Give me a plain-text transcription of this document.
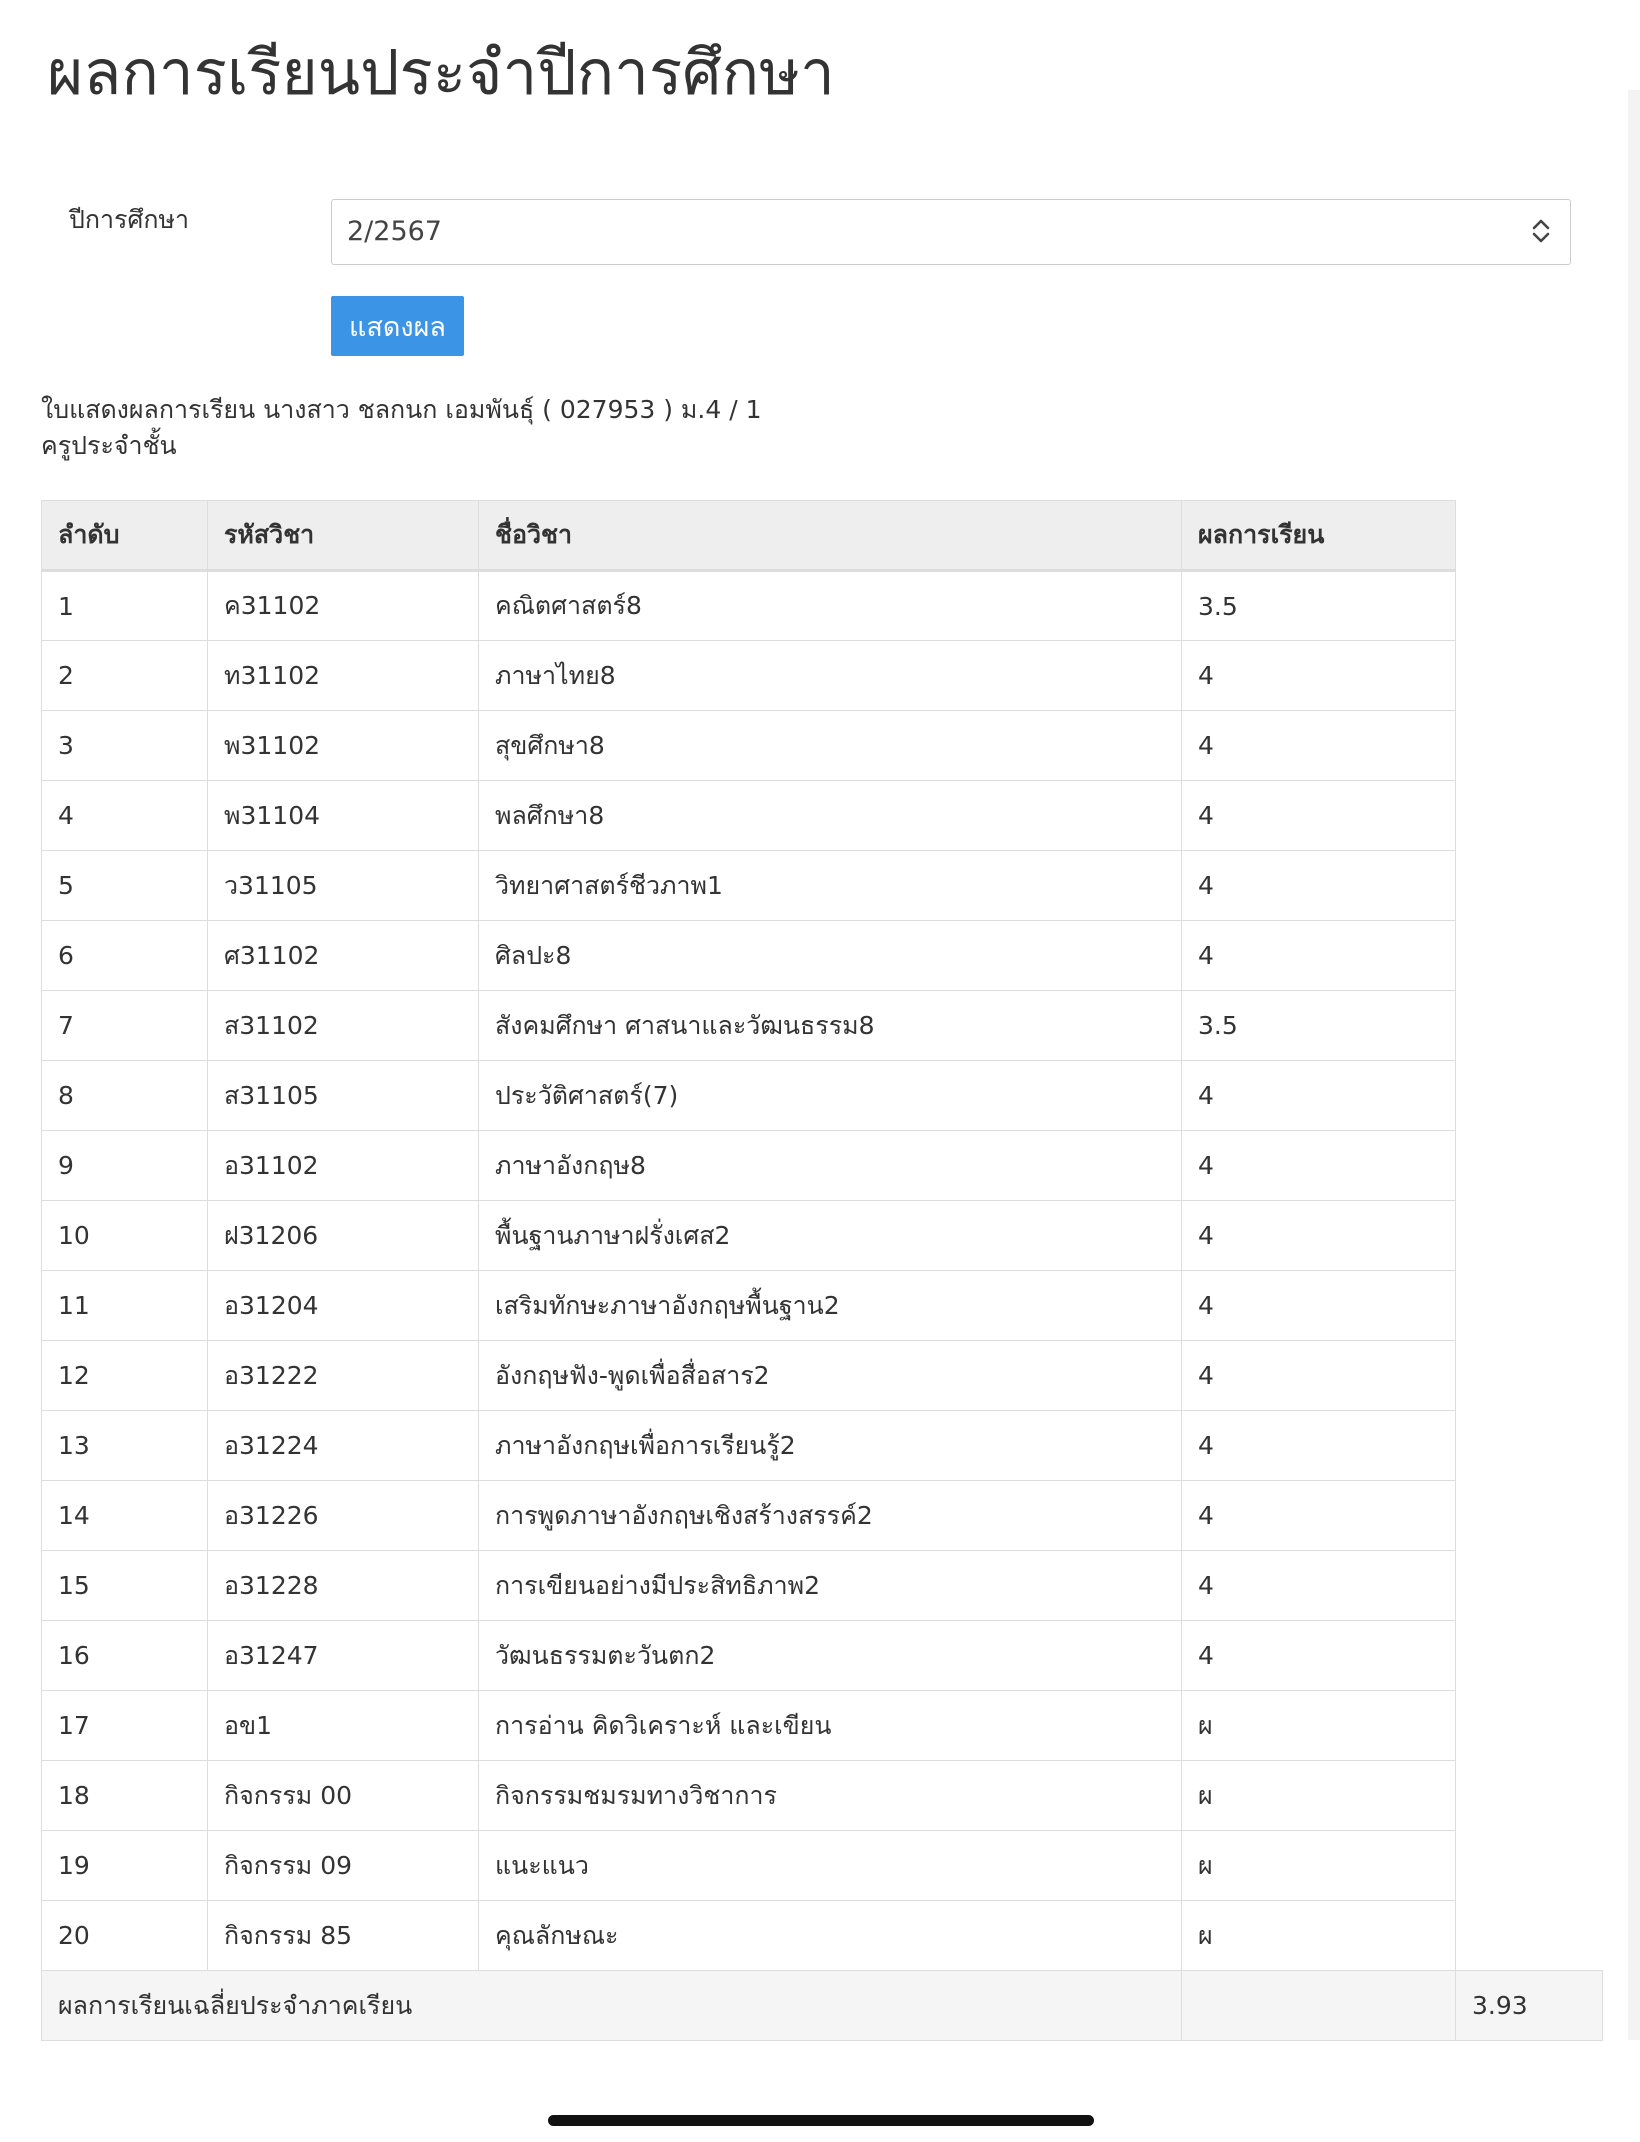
ผลการเรียนประจำปีการศึกษา
ปีการศึกษา	2/2567
แสดงผล
ใบแสดงผลการเรียน นางสาว ชลกนก เอมพันธุ์ ( 027953 ) ม.4 / 1
ครูประจำชั้น
ลำดับ	รหัสวิชา	ชื่อวิชา	ผลการเรียน	
1	ค31102	คณิตศาสตร์8	3.5	
2	ท31102	ภาษาไทย8	4	
3	พ31102	สุขศึกษา8	4	
4	พ31104	พลศึกษา8	4	
5	ว31105	วิทยาศาสตร์ชีวภาพ1	4	
6	ศ31102	ศิลปะ8	4	
7	ส31102	สังคมศึกษา ศาสนาและวัฒนธรรม8	3.5	
8	ส31105	ประวัติศาสตร์(7)	4	
9	อ31102	ภาษาอังกฤษ8	4	
10	ฝ31206	พื้นฐานภาษาฝรั่งเศส2	4	
11	อ31204	เสริมทักษะภาษาอังกฤษพื้นฐาน2	4	
12	อ31222	อังกฤษฟัง-พูดเพื่อสื่อสาร2	4	
13	อ31224	ภาษาอังกฤษเพื่อการเรียนรู้2	4	
14	อ31226	การพูดภาษาอังกฤษเชิงสร้างสรรค์2	4	
15	อ31228	การเขียนอย่างมีประสิทธิภาพ2	4	
16	อ31247	วัฒนธรรมตะวันตก2	4	
17	อข1	การอ่าน คิดวิเคราะห์ และเขียน	ผ	
18	กิจกรรม 00	กิจกรรมชมรมทางวิชาการ	ผ	
19	กิจกรรม 09	แนะแนว	ผ	
20	กิจกรรม 85	คุณลักษณะ	ผ	
ผลการเรียนเฉลี่ยประจำภาคเรียน				3.93
